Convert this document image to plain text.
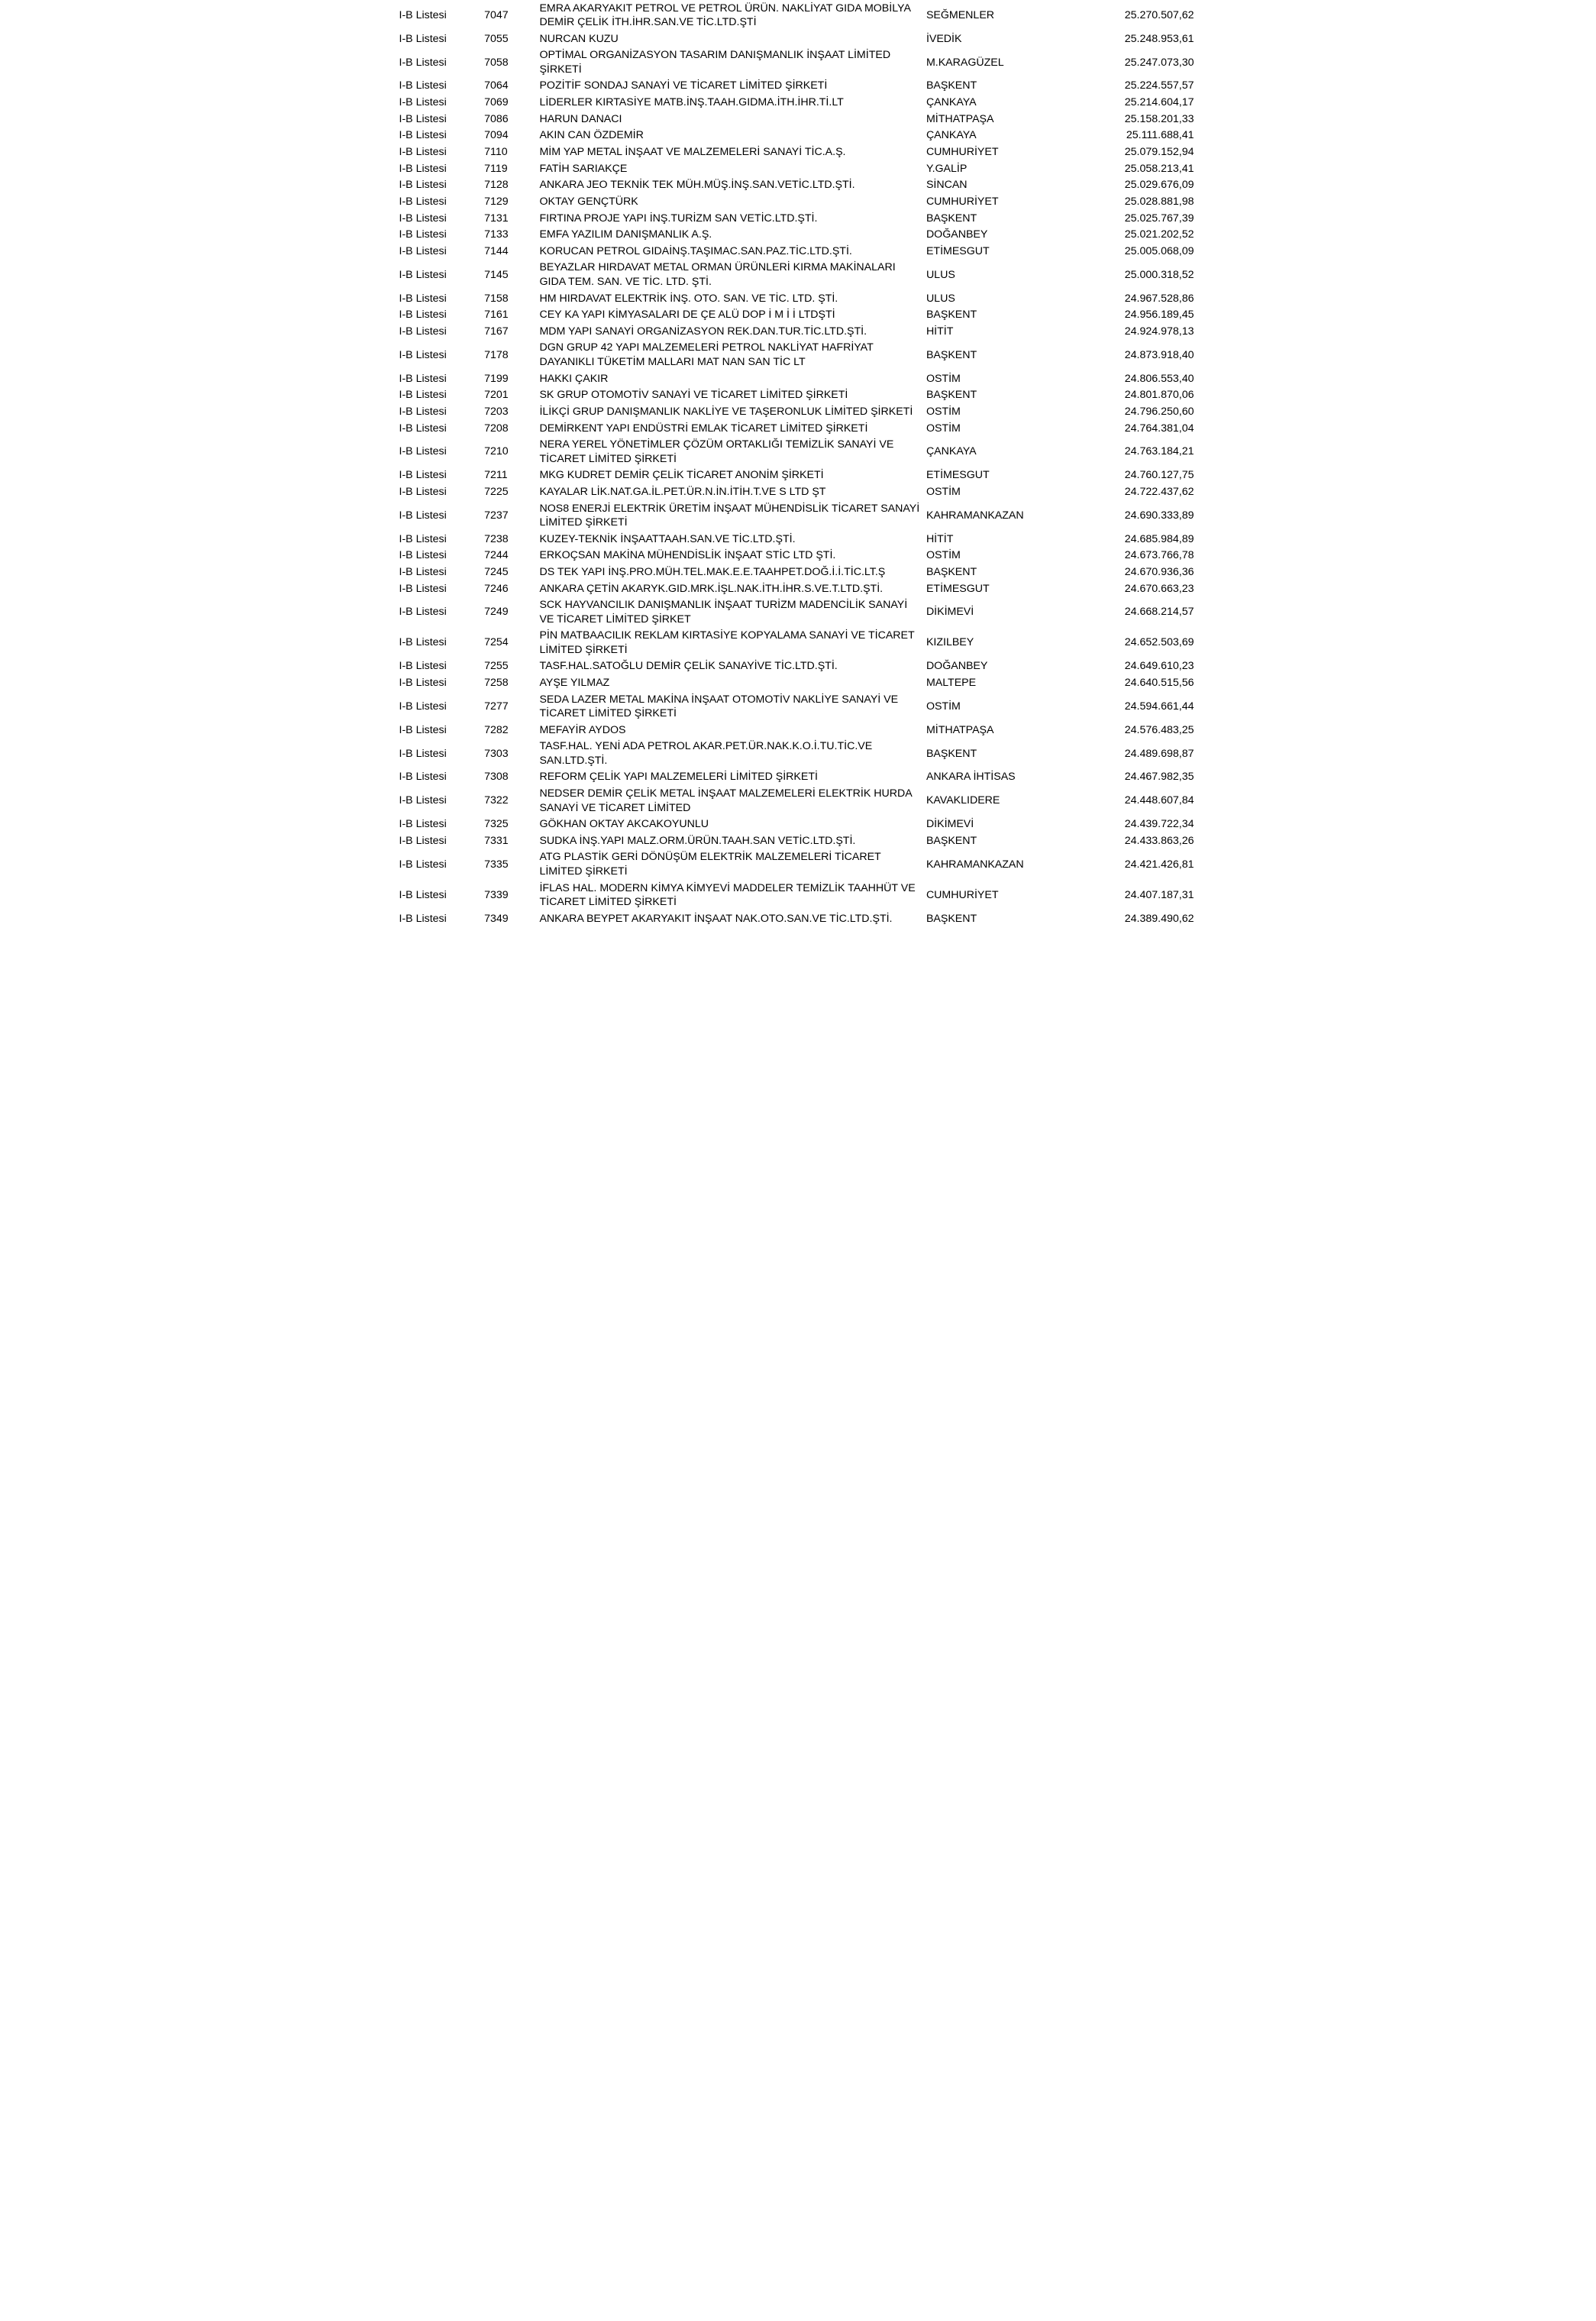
I-B Listesi	7047	EMRA AKARYAKIT PETROL VE PETROL ÜRÜN. NAKLİYAT GIDA MOBİLYA DEMİR ÇELİK İTH.İHR.SAN.VE TİC.LTD.ŞTİ	SEĞMENLER	25.270.507,62
I-B Listesi	7055	NURCAN KUZU	İVEDİK	25.248.953,61
I-B Listesi	7058	OPTİMAL ORGANİZASYON TASARIM DANIŞMANLIK İNŞAAT LİMİTED ŞİRKETİ	M.KARAGÜZEL	25.247.073,30
I-B Listesi	7064	POZİTİF SONDAJ SANAYİ VE TİCARET LİMİTED ŞİRKETİ	BAŞKENT	25.224.557,57
I-B Listesi	7069	LİDERLER KIRTASİYE MATB.İNŞ.TAAH.GIDMA.İTH.İHR.Tİ.LT	ÇANKAYA	25.214.604,17
I-B Listesi	7086	HARUN DANACI	MİTHATPAŞA	25.158.201,33
I-B Listesi	7094	AKIN CAN ÖZDEMİR	ÇANKAYA	25.111.688,41
I-B Listesi	7110	MİM YAP METAL İNŞAAT VE MALZEMELERİ SANAYİ TİC.A.Ş.	CUMHURİYET	25.079.152,94
I-B Listesi	7119	FATİH SARIAKÇE	Y.GALİP	25.058.213,41
I-B Listesi	7128	ANKARA JEO TEKNİK TEK MÜH.MÜŞ.İNŞ.SAN.VETİC.LTD.ŞTİ.	SİNCAN	25.029.676,09
I-B Listesi	7129	OKTAY GENÇTÜRK	CUMHURİYET	25.028.881,98
I-B Listesi	7131	FIRTINA PROJE YAPI İNŞ.TURİZM SAN VETİC.LTD.ŞTİ.	BAŞKENT	25.025.767,39
I-B Listesi	7133	EMFA YAZILIM DANIŞMANLIK A.Ş.	DOĞANBEY	25.021.202,52
I-B Listesi	7144	KORUCAN PETROL GIDAİNŞ.TAŞIMAC.SAN.PAZ.TİC.LTD.ŞTİ.	ETİMESGUT	25.005.068,09
I-B Listesi	7145	BEYAZLAR HIRDAVAT METAL ORMAN ÜRÜNLERİ KIRMA MAKİNALARI GIDA TEM. SAN. VE TİC. LTD. ŞTİ.	ULUS	25.000.318,52
I-B Listesi	7158	HM HIRDAVAT ELEKTRİK İNŞ. OTO. SAN. VE TİC. LTD. ŞTİ.	ULUS	24.967.528,86
I-B Listesi	7161	CEY KA YAPI KİMYASALARI DE ÇE ALÜ DOP İ M İ İ LTDŞTİ	BAŞKENT	24.956.189,45
I-B Listesi	7167	MDM YAPI SANAYİ ORGANİZASYON REK.DAN.TUR.TİC.LTD.ŞTİ.	HİTİT	24.924.978,13
I-B Listesi	7178	DGN GRUP 42 YAPI MALZEMELERİ PETROL NAKLİYAT HAFRİYAT DAYANIKLI TÜKETİM MALLARI MAT NAN SAN TİC LT	BAŞKENT	24.873.918,40
I-B Listesi	7199	HAKKI ÇAKIR	OSTİM	24.806.553,40
I-B Listesi	7201	SK GRUP OTOMOTİV SANAYİ VE TİCARET LİMİTED ŞİRKETİ	BAŞKENT	24.801.870,06
I-B Listesi	7203	İLİKÇİ GRUP DANIŞMANLIK NAKLİYE VE TAŞERONLUK LİMİTED ŞİRKETİ	OSTİM	24.796.250,60
I-B Listesi	7208	DEMİRKENT YAPI ENDÜSTRİ EMLAK TİCARET LİMİTED ŞİRKETİ	OSTİM	24.764.381,04
I-B Listesi	7210	NERA YEREL YÖNETİMLER ÇÖZÜM ORTAKLIĞI TEMİZLİK SANAYİ VE TİCARET LİMİTED ŞİRKETİ	ÇANKAYA	24.763.184,21
I-B Listesi	7211	MKG KUDRET DEMİR ÇELİK TİCARET ANONİM ŞİRKETİ	ETİMESGUT	24.760.127,75
I-B Listesi	7225	KAYALAR LİK.NAT.GA.İL.PET.ÜR.N.İN.İTİH.T.VE S LTD ŞT	OSTİM	24.722.437,62
I-B Listesi	7237	NOS8 ENERJİ ELEKTRİK ÜRETİM İNŞAAT MÜHENDİSLİK TİCARET SANAYİ LİMİTED ŞİRKETİ	KAHRAMANKAZAN	24.690.333,89
I-B Listesi	7238	KUZEY-TEKNİK İNŞAATTAAH.SAN.VE TİC.LTD.ŞTİ.	HİTİT	24.685.984,89
I-B Listesi	7244	ERKOÇSAN MAKİNA MÜHENDİSLİK İNŞAAT STİC LTD ŞTİ.	OSTİM	24.673.766,78
I-B Listesi	7245	DS TEK YAPI İNŞ.PRO.MÜH.TEL.MAK.E.E.TAAHPET.DOĞ.İ.İ.TİC.LT.Ş	BAŞKENT	24.670.936,36
I-B Listesi	7246	ANKARA ÇETİN AKARYK.GID.MRK.İŞL.NAK.İTH.İHR.S.VE.T.LTD.ŞTİ.	ETİMESGUT	24.670.663,23
I-B Listesi	7249	SCK HAYVANCILIK DANIŞMANLIK İNŞAAT TURİZM MADENCİLİK SANAYİ VE TİCARET LİMİTED ŞİRKET	DİKİMEVİ	24.668.214,57
I-B Listesi	7254	PİN MATBAACILIK REKLAM KIRTASİYE KOPYALAMA SANAYİ VE TİCARET LİMİTED ŞİRKETİ	KIZILBEY	24.652.503,69
I-B Listesi	7255	TASF.HAL.SATOĞLU DEMİR ÇELİK SANAYİVE TİC.LTD.ŞTİ.	DOĞANBEY	24.649.610,23
I-B Listesi	7258	AYŞE YILMAZ	MALTEPE	24.640.515,56
I-B Listesi	7277	SEDA LAZER METAL MAKİNA İNŞAAT OTOMOTİV NAKLİYE SANAYİ VE TİCARET LİMİTED ŞİRKETİ	OSTİM	24.594.661,44
I-B Listesi	7282	MEFAYİR AYDOS	MİTHATPAŞA	24.576.483,25
I-B Listesi	7303	TASF.HAL. YENİ ADA PETROL AKAR.PET.ÜR.NAK.K.O.İ.TU.TİC.VE SAN.LTD.ŞTİ.	BAŞKENT	24.489.698,87
I-B Listesi	7308	REFORM ÇELİK YAPI MALZEMELERİ LİMİTED ŞİRKETİ	ANKARA İHTİSAS	24.467.982,35
I-B Listesi	7322	NEDSER DEMİR ÇELİK METAL İNŞAAT MALZEMELERİ ELEKTRİK HURDA SANAYİ VE TİCARET LİMİTED	KAVAKLIDERE	24.448.607,84
I-B Listesi	7325	GÖKHAN OKTAY AKCAKOYUNLU	DİKİMEVİ	24.439.722,34
I-B Listesi	7331	SUDKA İNŞ.YAPI MALZ.ORM.ÜRÜN.TAAH.SAN VETİC.LTD.ŞTİ.	BAŞKENT	24.433.863,26
I-B Listesi	7335	ATG PLASTİK GERİ DÖNÜŞÜM ELEKTRİK MALZEMELERİ TİCARET LİMİTED ŞİRKETİ	KAHRAMANKAZAN	24.421.426,81
I-B Listesi	7339	İFLAS HAL. MODERN KİMYA KİMYEVİ MADDELER TEMİZLİK TAAHHÜT VE TİCARET LİMİTED ŞİRKETİ	CUMHURİYET	24.407.187,31
I-B Listesi	7349	ANKARA BEYPET AKARYAKIT İNŞAAT NAK.OTO.SAN.VE TİC.LTD.ŞTİ.	BAŞKENT	24.389.490,62
